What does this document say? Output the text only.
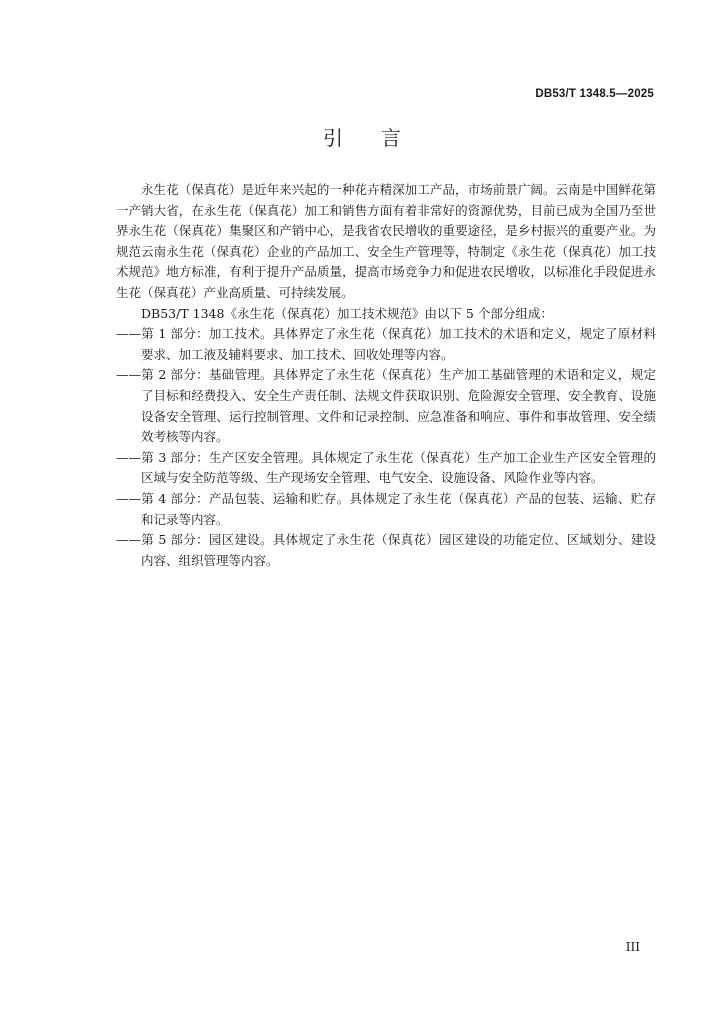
DB53/T 1348.5—2025
引言

永生花（保真花）是近年来兴起的一种花卉精深加工产品，市场前景广阔。云南是中国鲜花第一产销大省，在永生花（保真花）加工和销售方面有着非常好的资源优势，目前已成为全国乃至世界永生花（保真花）集聚区和产销中心，是我省农民增收的重要途径，是乡村振兴的重要产业。为规范云南永生花（保真花）企业的产品加工、安全生产管理等，特制定《永生花（保真花）加工技术规范》地方标准，有利于提升产品质量，提高市场竞争力和促进农民增收，以标准化手段促进永生花（保真花）产业高质量、可持续发展。

DB53/T 1348《永生花（保真花）加工技术规范》由以下 5 个部分组成：

——第 1 部分：加工技术。具体界定了永生花（保真花）加工技术的术语和定义，规定了原材料要求、加工液及辅料要求、加工技术、回收处理等内容。

——第 2 部分：基础管理。具体界定了永生花（保真花）生产加工基础管理的术语和定义，规定了目标和经费投入、安全生产责任制、法规文件获取识别、危险源安全管理、安全教育、设施设备安全管理、运行控制管理、文件和记录控制、应急准备和响应、事件和事故管理、安全绩效考核等内容。

——第 3 部分：生产区安全管理。具体规定了永生花（保真花）生产加工企业生产区安全管理的区域与安全防范等级、生产现场安全管理、电气安全、设施设备、风险作业等内容。

——第 4 部分：产品包装、运输和贮存。具体规定了永生花（保真花）产品的包装、运输、贮存和记录等内容。

——第 5 部分：园区建设。具体规定了永生花（保真花）园区建设的功能定位、区域划分、建设内容、组织管理等内容。

III
